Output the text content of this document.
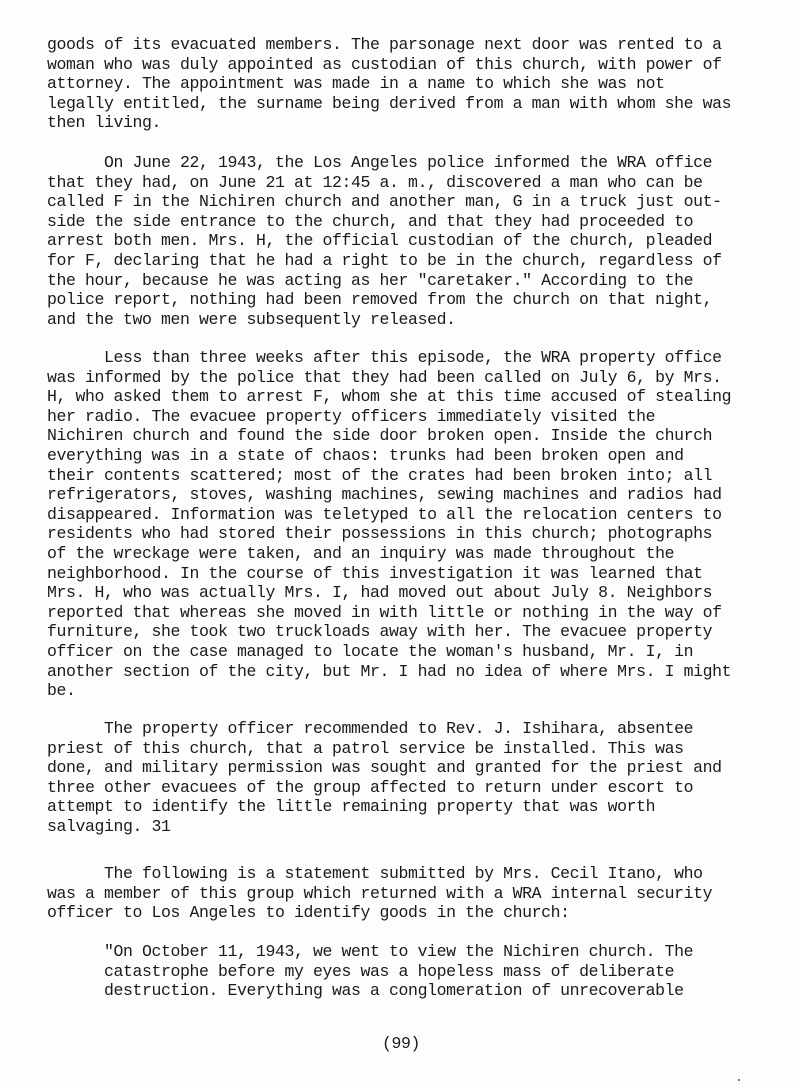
goods of its evacuated members. The parsonage next door was rented to a
woman who was duly appointed as custodian of this church, with power of
attorney. The appointment was made in a name to which she was not
legally entitled, the surname being derived from a man with whom she was
then living.
On June 22, 1943, the Los Angeles police informed the WRA office
that they had, on June 21 at 12:45 a. m., discovered a man who can be
called F in the Nichiren church and another man, G in a truck just out-
side the side entrance to the church, and that they had proceeded to
arrest both men. Mrs. H, the official custodian of the church, pleaded
for F, declaring that he had a right to be in the church, regardless of
the hour, because he was acting as her "caretaker." According to the
police report, nothing had been removed from the church on that night,
and the two men were subsequently released.
Less than three weeks after this episode, the WRA property office
was informed by the police that they had been called on July 6, by Mrs.
H, who asked them to arrest F, whom she at this time accused of stealing
her radio. The evacuee property officers immediately visited the
Nichiren church and found the side door broken open. Inside the church
everything was in a state of chaos: trunks had been broken open and
their contents scattered; most of the crates had been broken into; all
refrigerators, stoves, washing machines, sewing machines and radios had
disappeared. Information was teletyped to all the relocation centers to
residents who had stored their possessions in this church; photographs
of the wreckage were taken, and an inquiry was made throughout the
neighborhood. In the course of this investigation it was learned that
Mrs. H, who was actually Mrs. I, had moved out about July 8. Neighbors
reported that whereas she moved in with little or nothing in the way of
furniture, she took two truckloads away with her. The evacuee property
officer on the case managed to locate the woman's husband, Mr. I, in
another section of the city, but Mr. I had no idea of where Mrs. I might
be.
The property officer recommended to Rev. J. Ishihara, absentee
priest of this church, that a patrol service be installed. This was
done, and military permission was sought and granted for the priest and
three other evacuees of the group affected to return under escort to
attempt to identify the little remaining property that was worth
salvaging. 31
The following is a statement submitted by Mrs. Cecil Itano, who
was a member of this group which returned with a WRA internal security
officer to Los Angeles to identify goods in the church:
"On October 11, 1943, we went to view the Nichiren church. The
catastrophe before my eyes was a hopeless mass of deliberate
destruction. Everything was a conglomeration of unrecoverable
(99)
